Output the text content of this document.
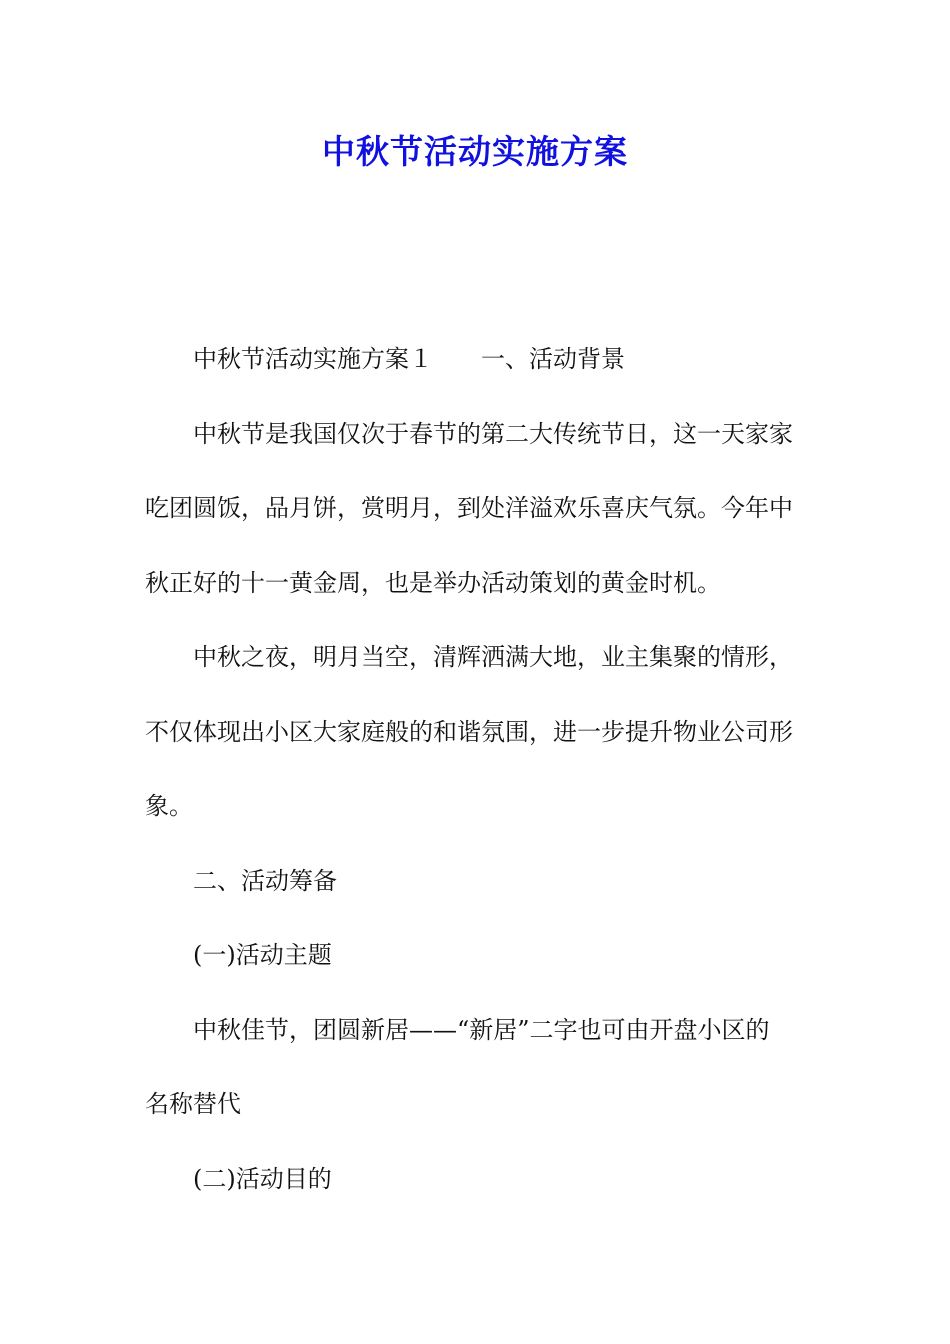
中秋节活动实施方案
中秋节活动实施方案１ 一、活动背景
中秋节是我国仅次于春节的第二大传统节日，这一天家家
吃团圆饭，品月饼，赏明月，到处洋溢欢乐喜庆气氛。今年中
秋正好的十一黄金周，也是举办活动策划的黄金时机。
中秋之夜，明月当空，清辉洒满大地，业主集聚的情形，
不仅体现出小区大家庭般的和谐氛围，进一步提升物业公司形
象。
二、活动筹备
(一)活动主题
中秋佳节，团圆新居——“新居”二字也可由开盘小区的
名称替代
(二)活动目的
